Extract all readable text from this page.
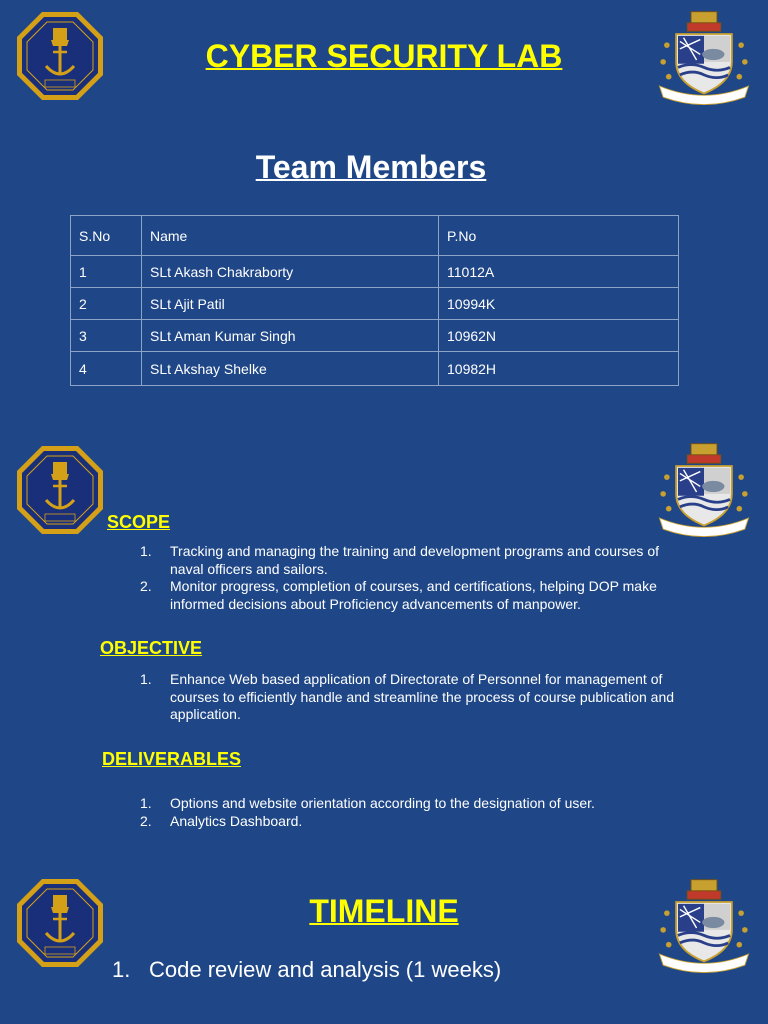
CYBER SECURITY LAB
Team Members
S.No	Name	P.No
1	SLt Akash Chakraborty	11012A
2	SLt Ajit Patil	10994K
3	SLt Aman Kumar Singh	10962N
4	SLt Akshay Shelke	10982H
SCOPE
1. Tracking and managing the training and development programs and courses of naval officers and sailors.
2. Monitor progress, completion of courses, and certifications, helping DOP make informed decisions about Proficiency advancements of manpower.
OBJECTIVE
1. Enhance Web based application of Directorate of Personnel for management of courses to efficiently handle and streamline the process of course publication and application.
DELIVERABLES
1. Options and website orientation according to the designation of user.
2. Analytics Dashboard.
TIMELINE
1. Code review and analysis (1 weeks)
